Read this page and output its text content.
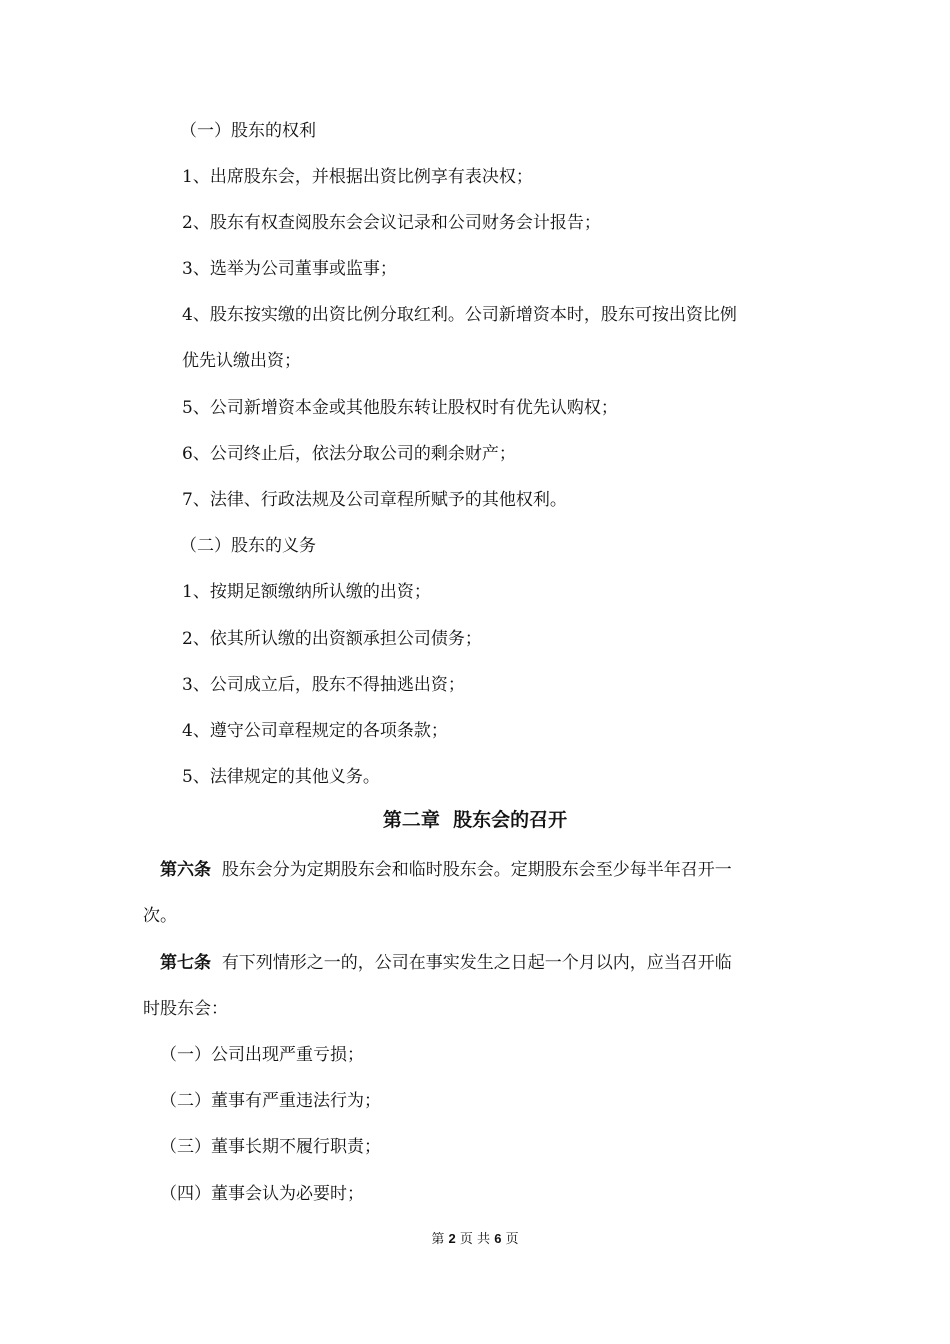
（一）股东的权利
1、出席股东会，并根据出资比例享有表决权；
2、股东有权查阅股东会会议记录和公司财务会计报告；
3、选举为公司董事或监事；
4、股东按实缴的出资比例分取红利。公司新增资本时，股东可按出资比例
优先认缴出资；
5、公司新增资本金或其他股东转让股权时有优先认购权；
6、公司终止后，依法分取公司的剩余财产；
7、法律、行政法规及公司章程所赋予的其他权利。
（二）股东的义务
1、按期足额缴纳所认缴的出资；
2、依其所认缴的出资额承担公司债务；
3、公司成立后，股东不得抽逃出资；
4、遵守公司章程规定的各项条款；
5、法律规定的其他义务。
第二章  股东会的召开
第六条 股东会分为定期股东会和临时股东会。定期股东会至少每半年召开一
次。
第七条 有下列情形之一的，公司在事实发生之日起一个月以内，应当召开临
时股东会：
（一）公司出现严重亏损；
（二）董事有严重违法行为；
（三）董事长期不履行职责；
（四）董事会认为必要时；
第 2 页 共 6 页
